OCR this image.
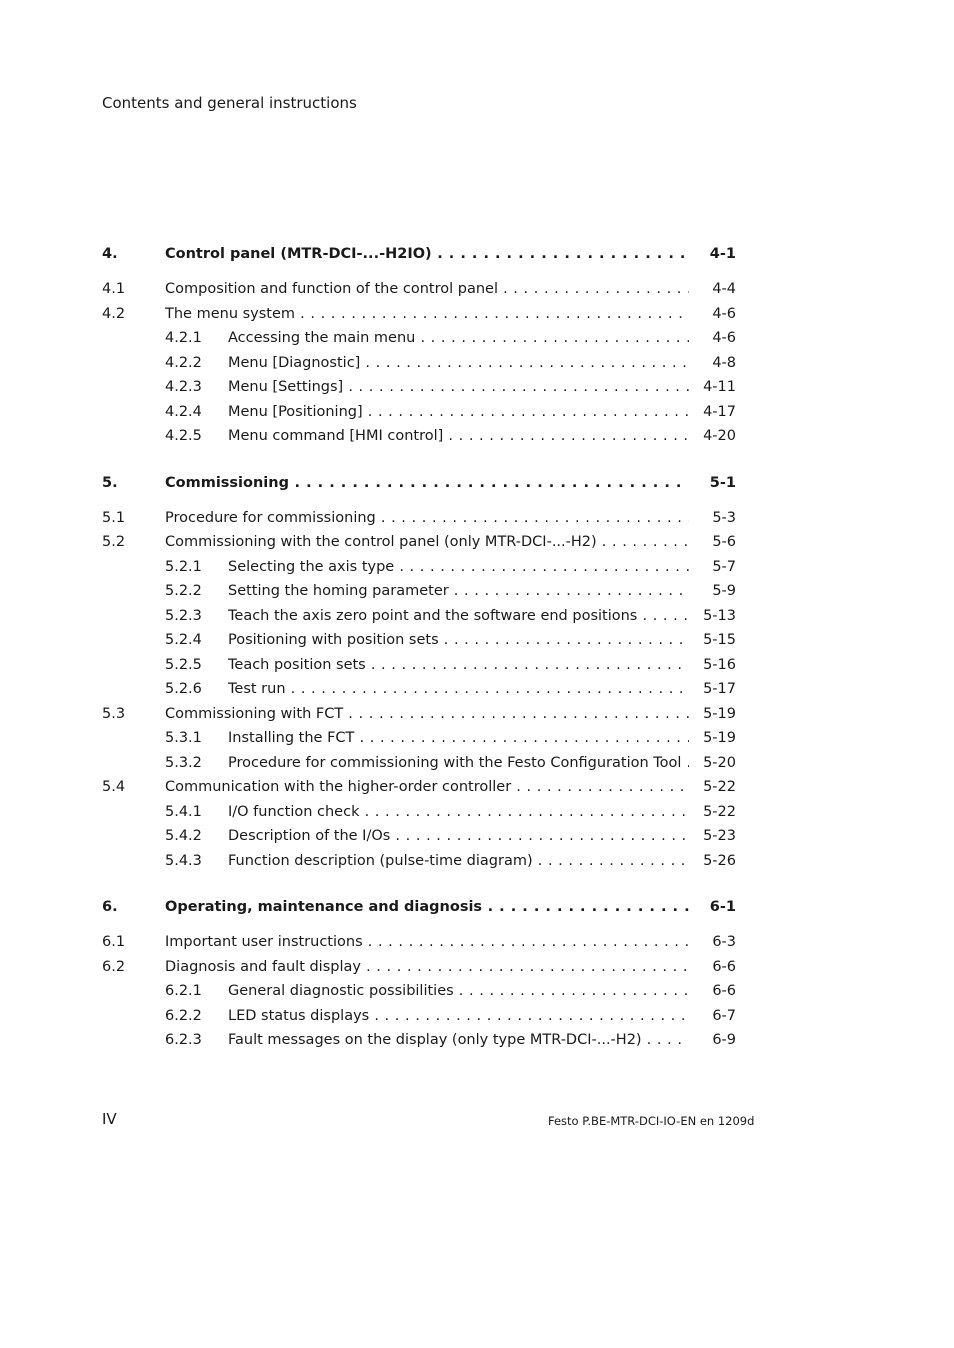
Contents and general instructions
4.	Control panel (MTR-DCI-...-H2IO) . . .	4-1
4.1	Composition and function of the control panel . . .	4-4
4.2	The menu system . . .	4-6
4.2.1 Accessing the main menu . . .	4-6
4.2.2 Menu [Diagnostic] . . .	4-8
4.2.3 Menu [Settings] . . .	4-11
4.2.4 Menu [Positioning] . . .	4-17
4.2.5 Menu command [HMI control] . . .	4-20
5.	Commissioning . . .	5-1
5.1	Procedure for commissioning . . .	5-3
5.2	Commissioning with the control panel (only MTR-DCI-...-H2) . . .	5-6
5.2.1 Selecting the axis type . . .	5-7
5.2.2 Setting the homing parameter . . .	5-9
5.2.3 Teach the axis zero point and the software end positions . . .	5-13
5.2.4 Positioning with position sets . . .	5-15
5.2.5 Teach position sets . . .	5-16
5.2.6 Test run . . .	5-17
5.3	Commissioning with FCT . . .	5-19
5.3.1 Installing the FCT . . .	5-19
5.3.2 Procedure for commissioning with the Festo Configuration Tool . . .	5-20
5.4	Communication with the higher-order controller . . .	5-22
5.4.1 I/O function check . . .	5-22
5.4.2 Description of the I/Os . . .	5-23
5.4.3 Function description (pulse-time diagram) . . .	5-26
6.	Operating, maintenance and diagnosis . . .	6-1
6.1	Important user instructions . . .	6-3
6.2	Diagnosis and fault display . . .	6-6
6.2.1 General diagnostic possibilities . . .	6-6
6.2.2 LED status displays . . .	6-7
6.2.3 Fault messages on the display (only type MTR-DCI-...-H2) . . .	6-9
IV	Festo P.BE-MTR-DCI-IO-EN en 1209d
